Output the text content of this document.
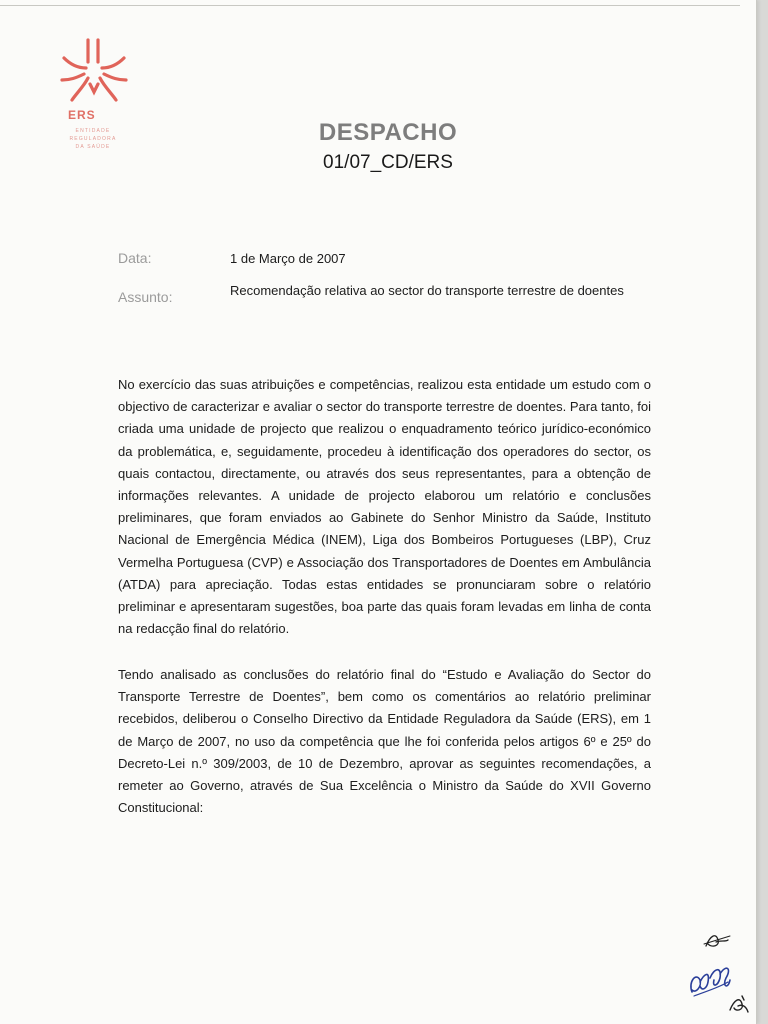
ERS
ENTIDADE
REGULADORA
DA SAÚDE
DESPACHO
01/07_CD/ERS
Data:	1 de Março de 2007
Assunto:	Recomendação relativa ao sector do transporte terrestre de doentes
No exercício das suas atribuições e competências, realizou esta entidade um estudo com o objectivo de caracterizar e avaliar o sector do transporte terrestre de doentes. Para tanto, foi criada uma unidade de projecto que realizou o enquadramento teórico jurídico-económico da problemática, e, seguidamente, procedeu à identificação dos operadores do sector, os quais contactou, directamente, ou através dos seus representantes, para a obtenção de informações relevantes. A unidade de projecto elaborou um relatório e conclusões preliminares, que foram enviados ao Gabinete do Senhor Ministro da Saúde, Instituto Nacional de Emergência Médica (INEM), Liga dos Bombeiros Portugueses (LBP), Cruz Vermelha Portuguesa (CVP) e Associação dos Transportadores de Doentes em Ambulância (ATDA) para apreciação. Todas estas entidades se pronunciaram sobre o relatório preliminar e apresentaram sugestões, boa parte das quais foram levadas em linha de conta na redacção final do relatório.
Tendo analisado as conclusões do relatório final do “Estudo e Avaliação do Sector do Transporte Terrestre de Doentes”, bem como os comentários ao relatório preliminar recebidos, deliberou o Conselho Directivo da Entidade Reguladora da Saúde (ERS), em 1 de Março de 2007, no uso da competência que lhe foi conferida pelos artigos 6º e 25º do Decreto-Lei n.º 309/2003, de 10 de Dezembro, aprovar as seguintes recomendações, a remeter ao Governo, através de Sua Excelência o Ministro da Saúde do XVII Governo Constitucional:
